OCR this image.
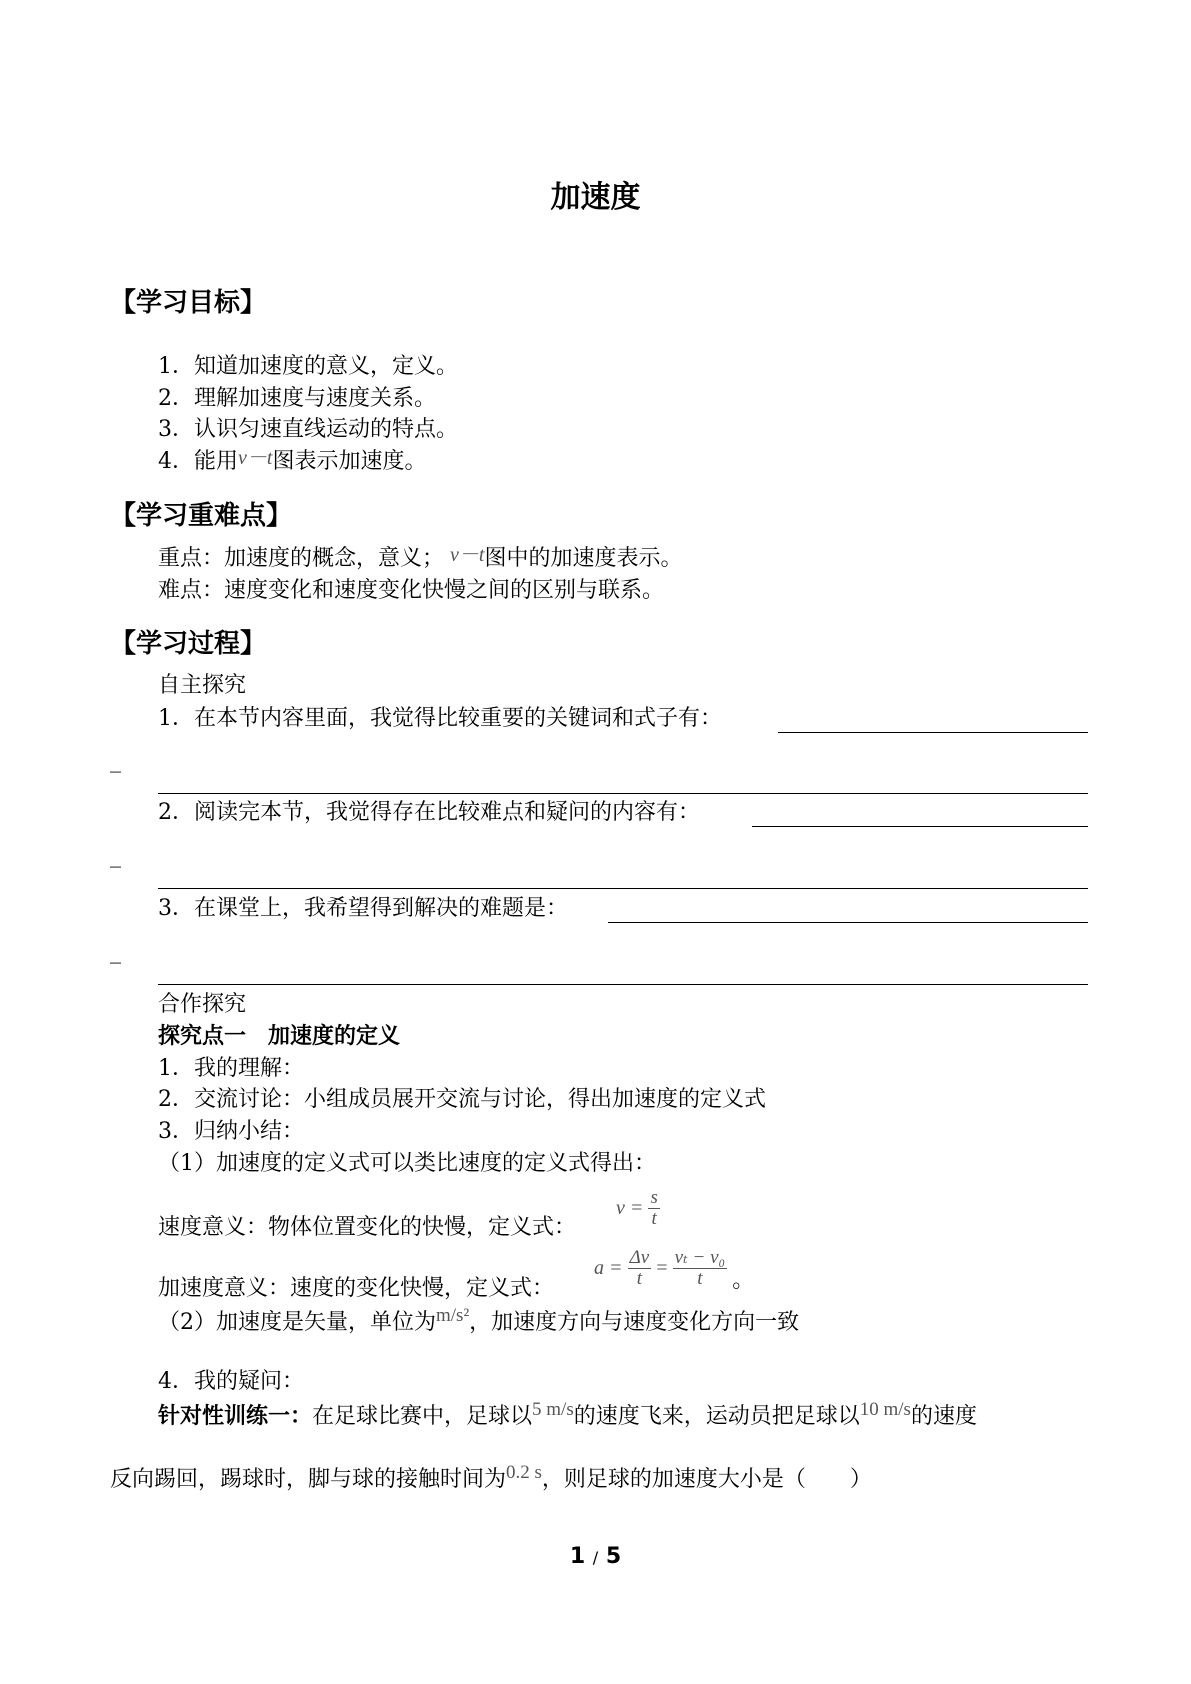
加速度
【学习目标】
1．知道加速度的意义，定义。
2．理解加速度与速度关系。
3．认识匀速直线运动的特点。
4．能用v－t图表示加速度。
【学习重难点】
重点：加速度的概念，意义； v－t图中的加速度表示。
难点：速度变化和速度变化快慢之间的区别与联系。
【学习过程】
自主探究
1．在本节内容里面，我觉得比较重要的关键词和式子有：
_
2．阅读完本节，我觉得存在比较难点和疑问的内容有：
_
3．在课堂上，我希望得到解决的难题是：
_
合作探究
探究点一　加速度的定义
1．我的理解：
2．交流讨论：小组成员展开交流与讨论，得出加速度的定义式
3．归纳小结：
（1）加速度的定义式可以类比速度的定义式得出：
速度意义：物体位置变化的快慢，定义式：
$v = \frac{s}{t}$
加速度意义：速度的变化快慢，定义式：
$a = \frac{\Delta v}{t} = \frac{\text{vₜ − v₀}}{t}$ 。
（2）加速度是矢量，单位为m/s²，加速度方向与速度变化方向一致
4．我的疑问：
针对性训练一：在足球比赛中，足球以5 m/s的速度飞来，运动员把足球以10 m/s的速度
反向踢回，踢球时，脚与球的接触时间为0.2 s，则足球的加速度大小是（　　）
1 / 5
